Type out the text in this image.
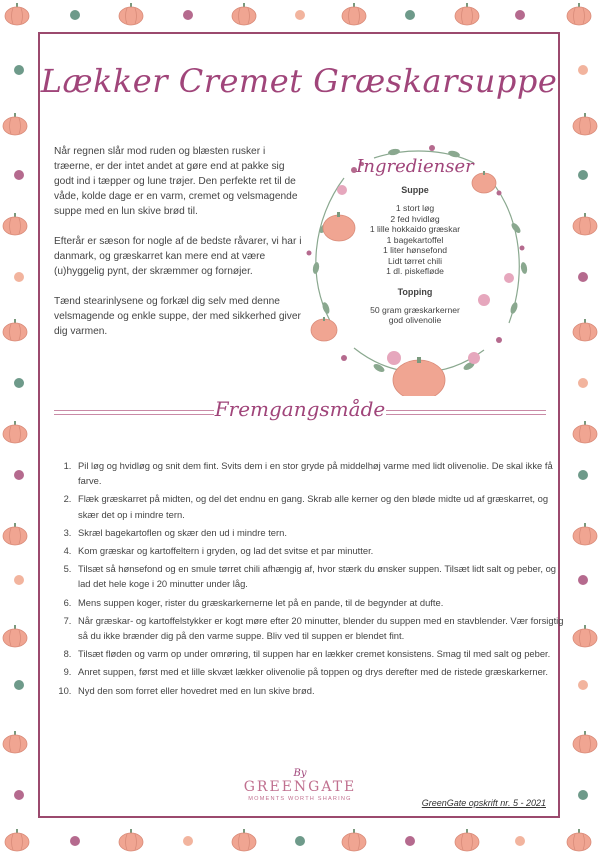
Lækker Cremet Græskarsuppe

Når regnen slår mod ruden og blæsten rusker i træerne, er der intet andet at gøre end at pakke sig godt ind i tæpper og lune trøjer. Den perfekte ret til de våde, kolde dage er en varm, cremet og velsmagende suppe med en lun skive brød til.

Efterår er sæson for nogle af de bedste råvarer, vi har i danmark, og græskarret kan mere end at være (u)hyggelig pynt, der skræmmer og fornøjer.

Tænd stearinlysene og forkæl dig selv med denne velsmagende og enkle suppe, der med sikkerhed giver dig varmen.

Ingredienser
Suppe
1 stort løg
2 fed hvidløg
1 lille hokkaido græskar
1 bagekartoffel
1 liter hønsefond
Lidt tørret chili
1 dl. piskefløde
Topping
50 gram græskarkerner
god olivenolie
Fremgangsmåde
1. Pil løg og hvidløg og snit dem fint. Svits dem i en stor gryde på middelhøj varme med lidt olivenolie. De skal ikke få farve.
2. Flæk græskarret på midten, og del det endnu en gang. Skrab alle kerner og den bløde midte ud af græskarret, og skær det op i mindre tern.
3. Skræl bagekartoflen og skær den ud i mindre tern.
4. Kom græskar og kartoffeltern i gryden, og lad det svitse et par minutter.
5. Tilsæt så hønsefond og en smule tørret chili afhængig af, hvor stærk du ønsker suppen. Tilsæt lidt salt og peber, og lad det hele koge i 20 minutter under låg.
6. Mens suppen koger, rister du græskarkernerne let på en pande, til de begynder at dufte.
7. Når græskar- og kartoffelstykker er kogt møre efter 20 minutter, blender du suppen med en stavblender. Vær forsigtig så du ikke brænder dig på den varme suppe. Bliv ved til suppen er blendet fint.
8. Tilsæt fløden og varm op under omrøring, til suppen har en lækker cremet konsistens. Smag til med salt og peber.
9. Anret suppen, først med et lille skvæt lækker olivenolie på toppen og drys derefter med de ristede græskarkerner.
10. Nyd den som forret eller hovedret med en lun skive brød.
By
GREENGATE
MOMENTS WORTH SHARING	GreenGate opskrift nr. 5 - 2021
